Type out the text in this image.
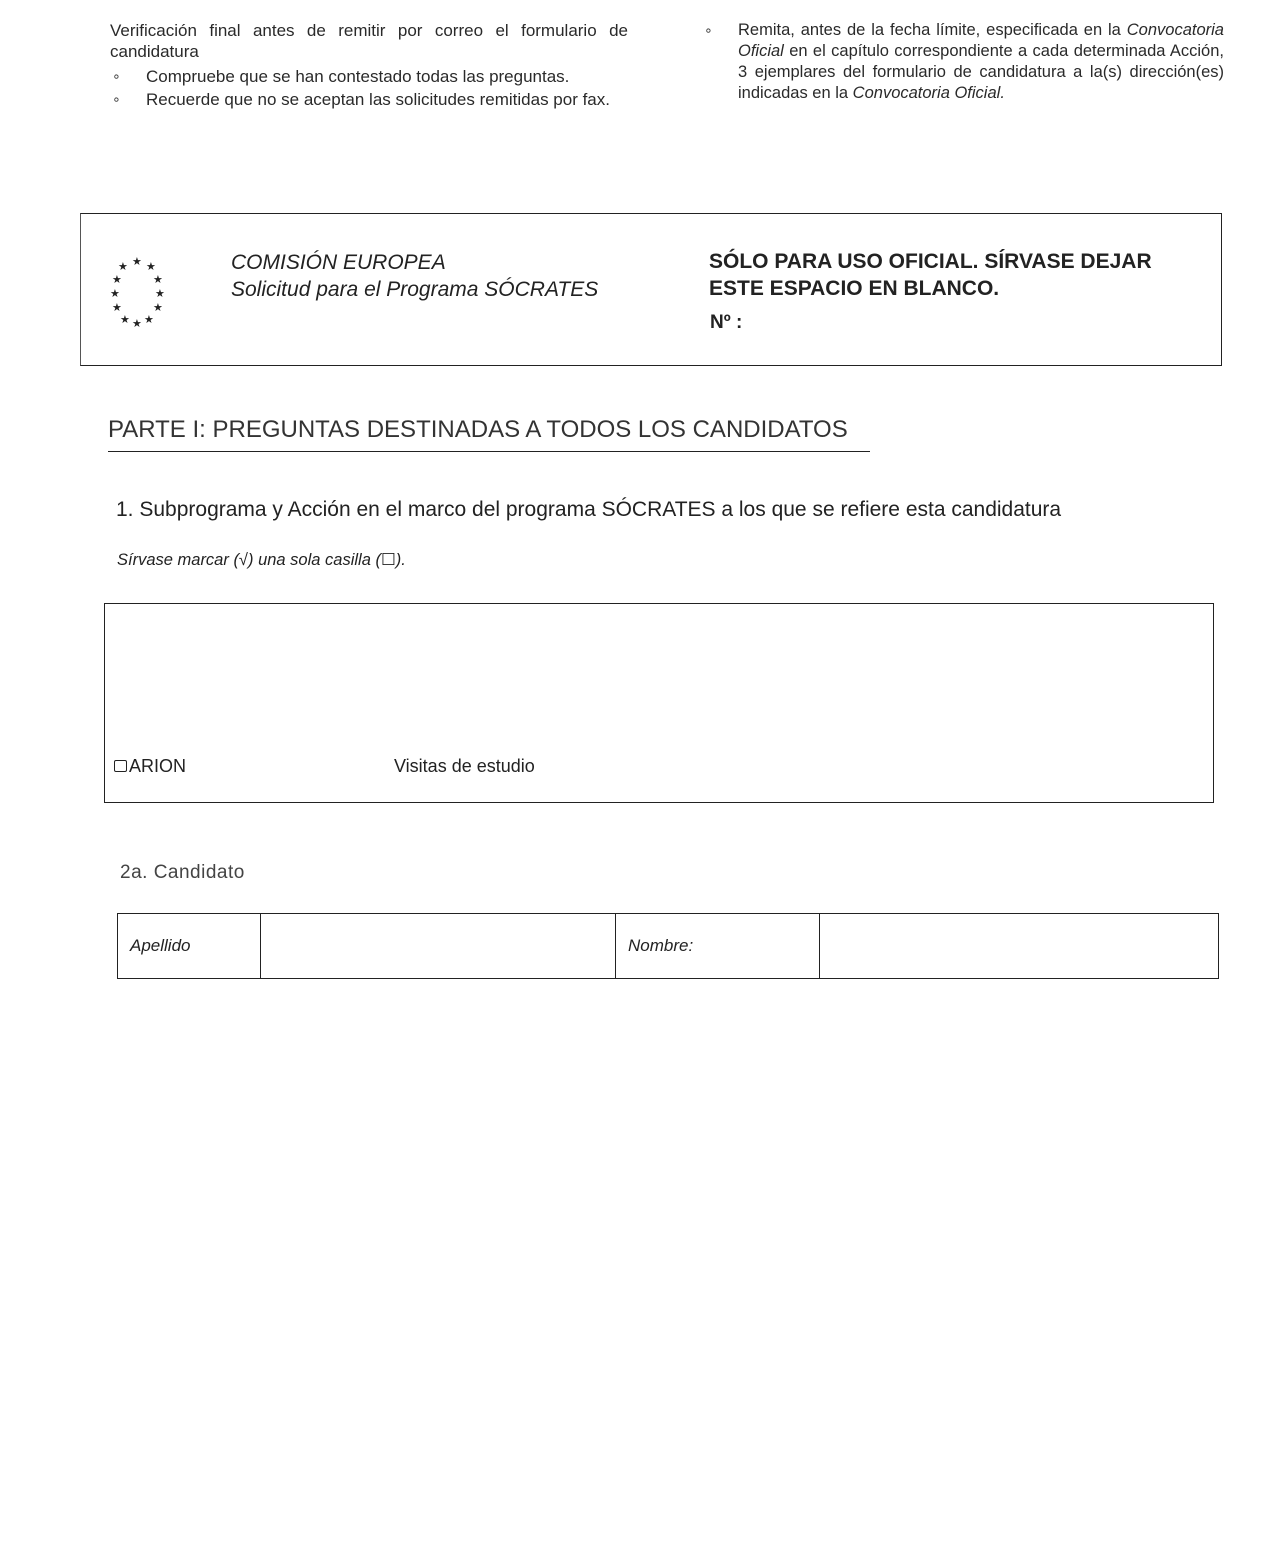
Verificación final antes de remitir por correo el formulario de candidatura
∘ Compruebe que se han contestado todas las preguntas.
∘ Recuerde que no se aceptan las solicitudes remitidas por fax.
∘ Remita, antes de la fecha límite, especificada en la Convocatoria Oficial en el capítulo correspondiente a cada determinada Acción, 3 ejemplares del formulario de candidatura a la(s) dirección(es) indicadas en la Convocatoria Oficial.
★ ★ ★
★	★
★	★
★	★
★ ★ ★
COMISIÓN EUROPEA
Solicitud para el Programa SÓCRATES
SÓLO PARA USO OFICIAL. SÍRVASE DEJAR ESTE ESPACIO EN BLANCO.
Nº :
PARTE I: PREGUNTAS DESTINADAS A TODOS LOS CANDIDATOS
1. Subprograma y Acción en el marco del programa SÓCRATES a los que se refiere esta candidatura
Sírvase marcar (√) una sola casilla (☐).
ARION	Visitas de estudio
2a. Candidato
Apellido		Nombre:	
